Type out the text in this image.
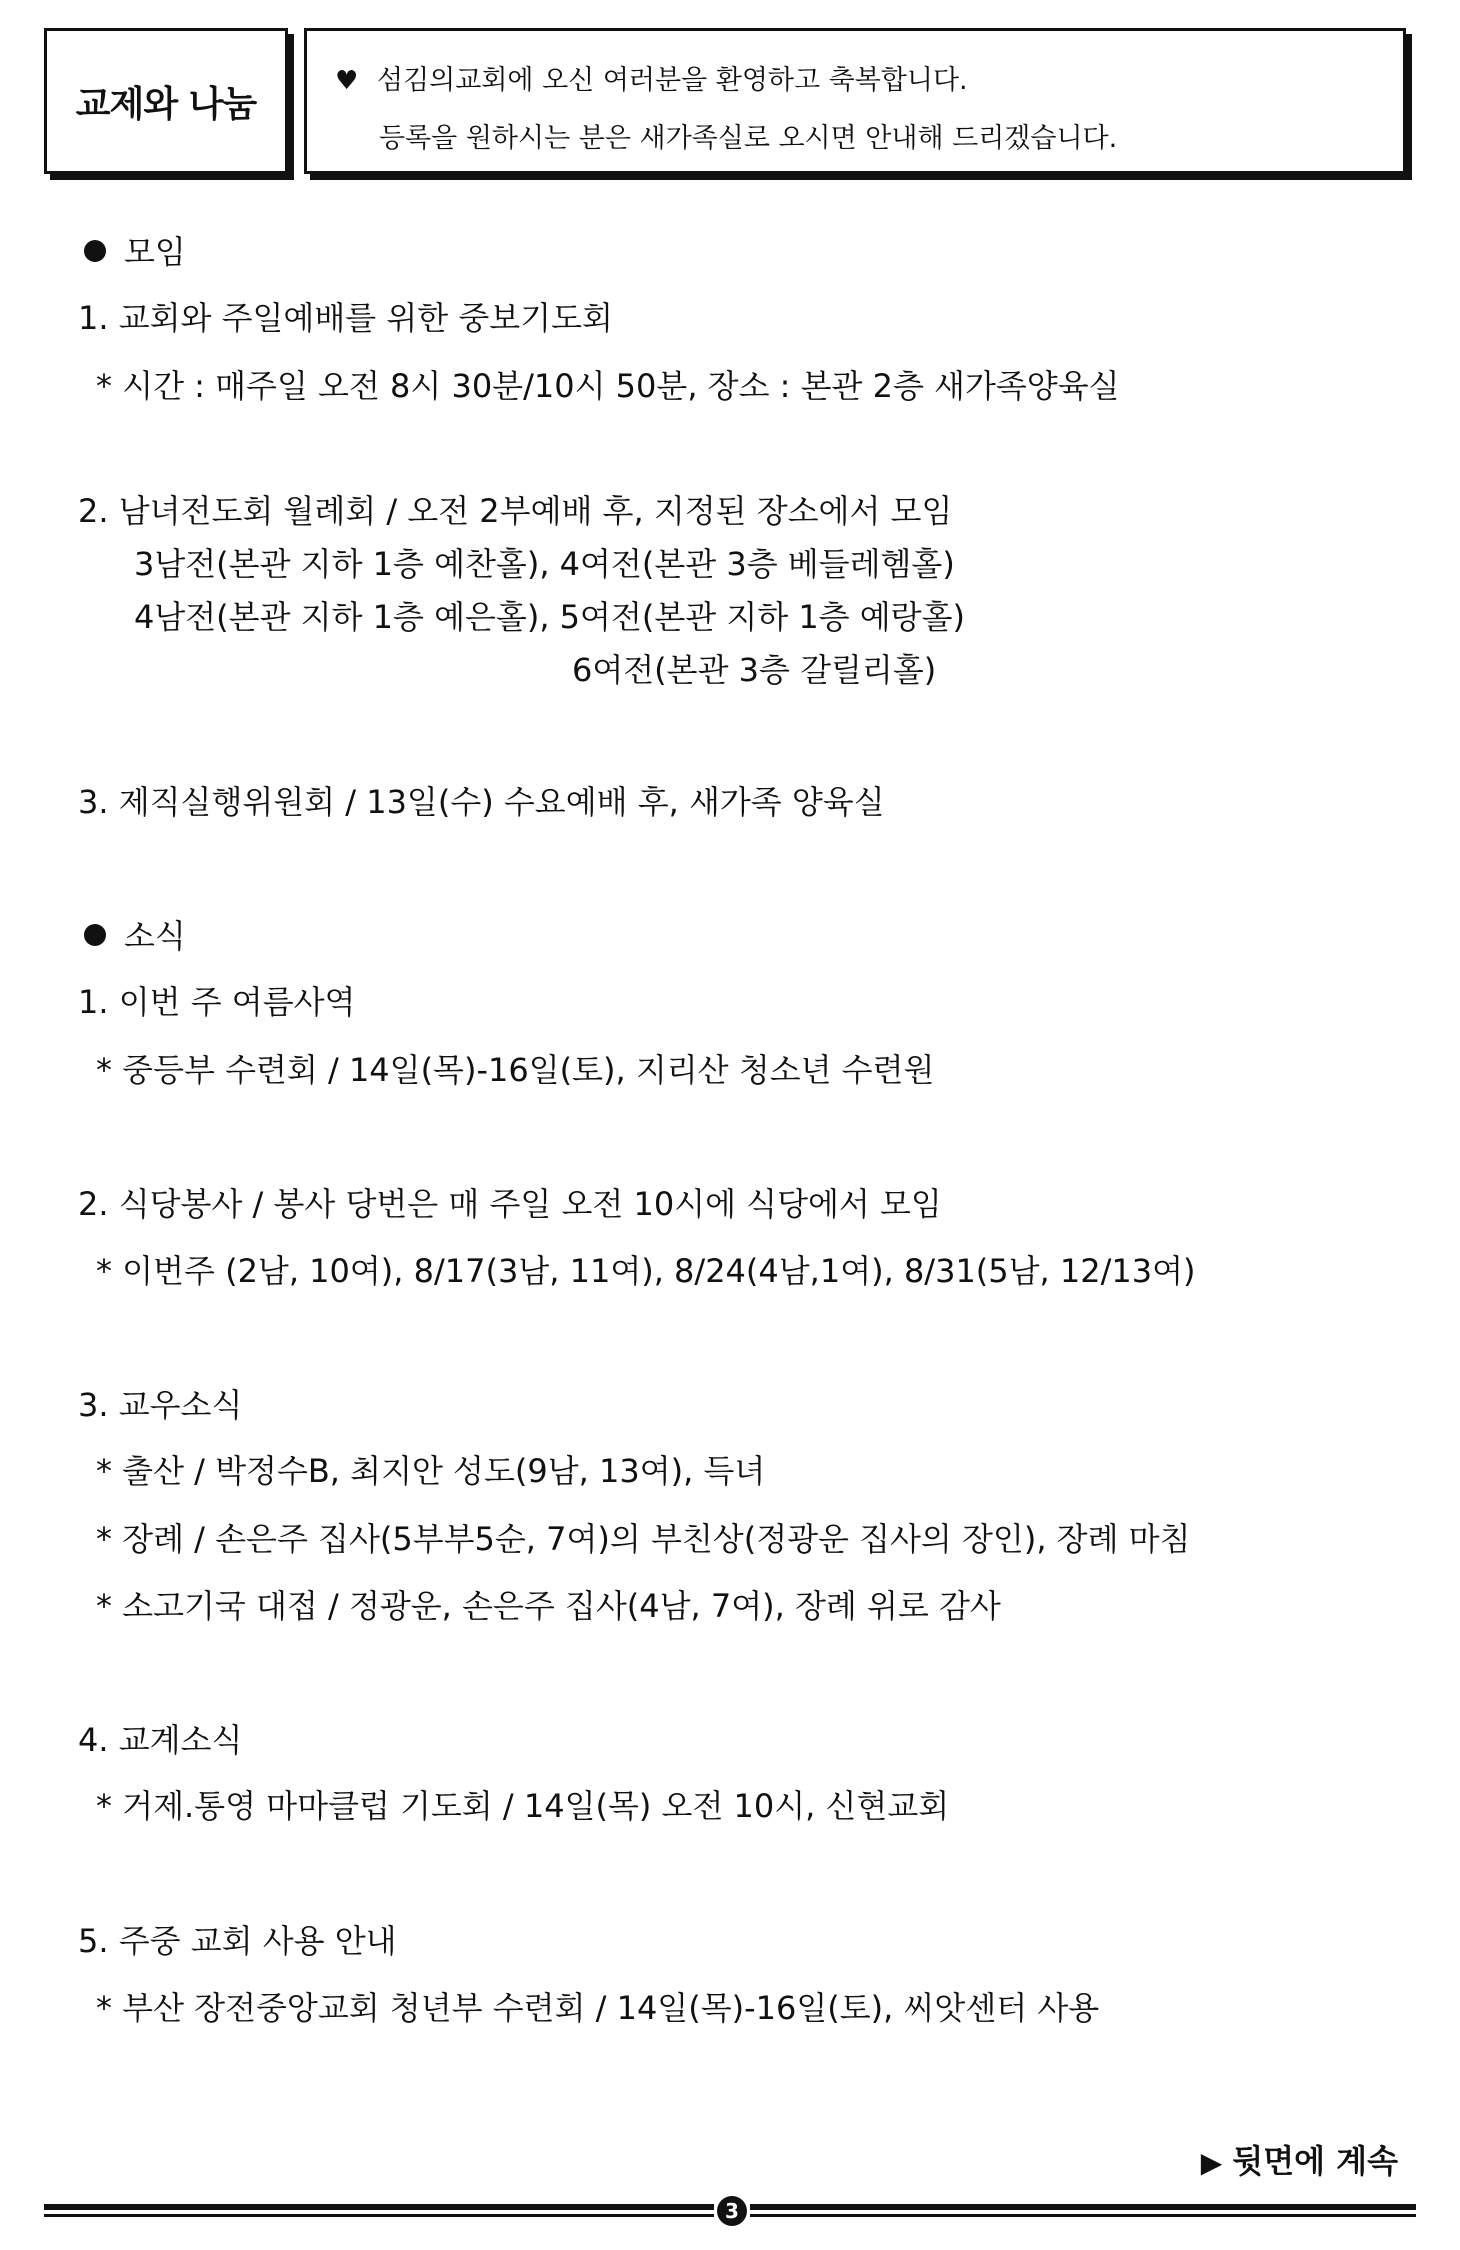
교제와 나눔
♥ 섬김의교회에 오신 여러분을 환영하고 축복합니다.
등록을 원하시는 분은 새가족실로 오시면 안내해 드리겠습니다.
모임
1. 교회와 주일예배를 위한 중보기도회
* 시간 : 매주일 오전 8시 30분/10시 50분, 장소 : 본관 2층 새가족양육실
2. 남녀전도회 월례회 / 오전 2부예배 후, 지정된 장소에서 모임
3남전(본관 지하 1층 예찬홀), 4여전(본관 3층 베들레헴홀)
4남전(본관 지하 1층 예은홀), 5여전(본관 지하 1층 예랑홀)
6여전(본관 3층 갈릴리홀)
3. 제직실행위원회 / 13일(수) 수요예배 후, 새가족 양육실
소식
1. 이번 주 여름사역
* 중등부 수련회 / 14일(목)-16일(토), 지리산 청소년 수련원
2. 식당봉사 / 봉사 당번은 매 주일 오전 10시에 식당에서 모임
* 이번주 (2남, 10여), 8/17(3남, 11여), 8/24(4남,1여), 8/31(5남, 12/13여)
3. 교우소식
* 출산 / 박정수B, 최지안 성도(9남, 13여), 득녀
* 장례 / 손은주 집사(5부부5순, 7여)의 부친상(정광운 집사의 장인), 장례 마침
* 소고기국 대접 / 정광운, 손은주 집사(4남, 7여), 장례 위로 감사
4. 교계소식
* 거제.통영 마마클럽 기도회 / 14일(목) 오전 10시, 신현교회
5. 주중 교회 사용 안내
* 부산 장전중앙교회 청년부 수련회 / 14일(목)-16일(토), 씨앗센터 사용
▶ 뒷면에 계속
3
